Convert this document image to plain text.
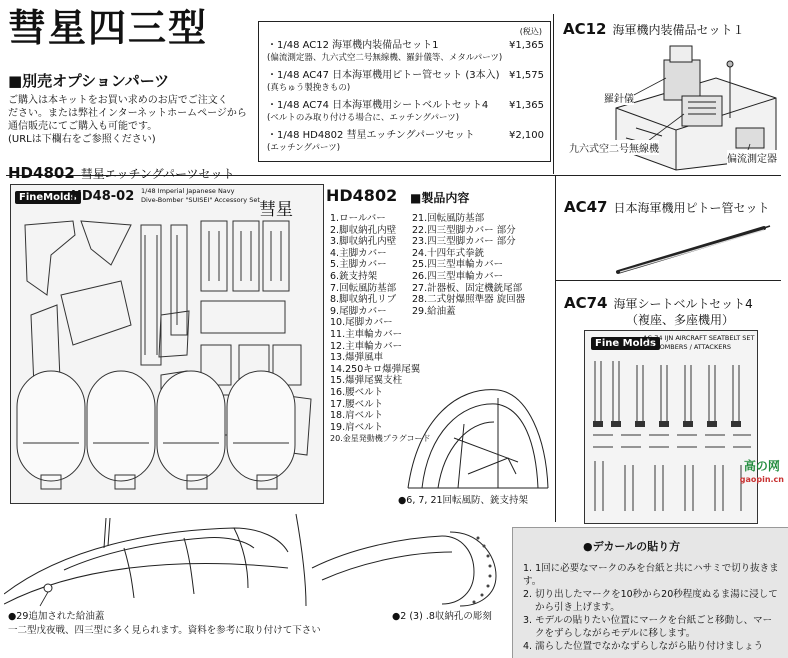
彗星四三型
■別売オプションパーツ
ご購入は本キットをお買い求めのお店でご注文く
ださい。または弊社インターネットホームページから
通信販売にてご購入も可能です。
(URLは下欄右をご参照ください)
(税込)
・1/48 AC12 海軍機内装備品セット1	¥1,365
(偏流測定器、九六式空二号無線機、羅針儀等、メタルパーツ)
・1/48 AC47 日本海軍機用ピトー管セット (3本入) ¥1,575
(真ちゅう製挽きもの)
・1/48 AC74 日本海軍機用シートベルトセット4 ¥1,365
(ベルトのみ取り付ける場合に、エッチングパーツ)
・1/48 HD4802 彗星エッチングパーツセット	¥2,100
(エッチングパーツ)
AC12 海軍機内装備品セット１
羅針儀
九六式空二号無線機
偏流測定器
AC47 日本海軍機用ピトー管セット
AC74 海軍シートベルトセット4
（複座、多座機用）
Fine Molds
AC-74 IJN AIRCRAFT SEATBELT SET
For BOMBERS / ATTACKERS
HD4802 彗星エッチングパーツセット
FineMolds
HD48-02 1/48 Imperial Japanese Navy
Dive-Bomber "SUISEI" Accessory Set 彗星
HD4802 ■製品内容
1.ロールバー
2.脚収納孔内壁
3.脚収納孔内壁
4.主脚カバー
5.主脚カバー
6.銃支持架
7.回転風防基部
8.脚収納孔リブ
9.尾脚カバー
10.尾脚カバー
11.主車輪カバー
12.主車輪カバー
13.爆弾風車
14.250キロ爆弾尾翼
15.爆弾尾翼支柱
16.腰ベルト
17.腰ベルト
18.肩ベルト
19.肩ベルト
20.金星発動機プラグコード
21.回転風防基部
22.四三型脚カバー 部分
23.四三型脚カバー 部分
24.十四年式拳銃
25.四三型車輪カバー
26.四三型車輪カバー
27.計器板、固定機銃尾部
28.二式射爆照準器 旋回器
29.給油蓋
●6, 7, 21回転風防、銃支持架
●29追加された給油蓋
一二型戊夜戦、四三型に多く見られます。資料を参考に取り付けて下さい
●2 (3) .8収納孔の彫刻
●デカールの貼り方
1. 1回に必要なマークのみを台紙と共にハサミで切り抜きます。
2. 切り出したマークを10秒から20秒程度ぬるま湯に浸して
から引き上げます。
3. モデルの貼りたい位置にマークを台紙ごと移動し、マー
クをずらしながらモデルに移します。
4. 濡らした位置でなかなずらしながら貼り付けましょう
高の网
gaopin.cn
